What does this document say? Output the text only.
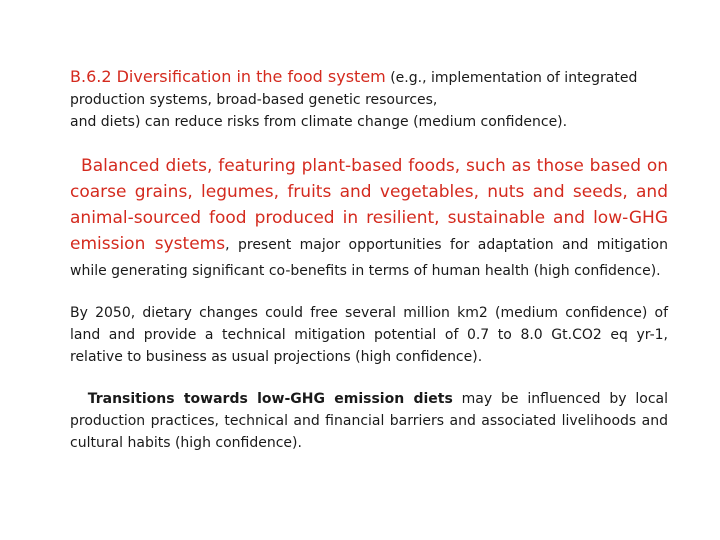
B.6.2 Diversification in the food system (e.g., implementation of integrated production systems, broad-based genetic resources,
and diets) can reduce risks from climate change (medium confidence).

Balanced diets, featuring plant-based foods, such as those based on coarse grains, legumes, fruits and vegetables, nuts and seeds, and animal-sourced food produced in resilient, sustainable and low-GHG emission systems, present major opportunities for adaptation and mitigation while generating significant co-benefits in terms of human health (high confidence).

By 2050, dietary changes could free several million km2 (medium confidence) of land and provide a technical mitigation potential of 0.7 to 8.0 Gt.CO2 eq yr-1, relative to business as usual projections (high confidence).

Transitions towards low-GHG emission diets may be influenced by local production practices, technical and financial barriers and associated livelihoods and cultural habits (high confidence).
